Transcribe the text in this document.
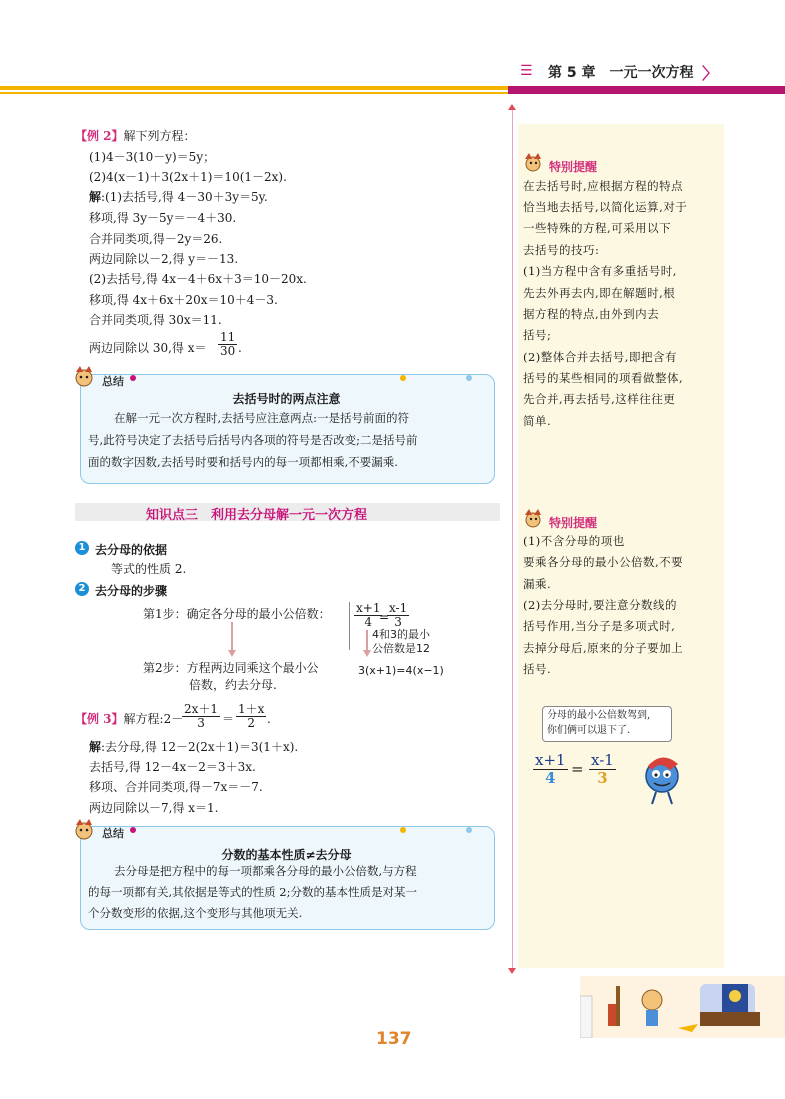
☰ 第 5 章　 一元一次方程 〉
【例 2】解下列方程：
(1)4－3(10－y)＝5y；
(2)4(x－1)＋3(2x＋1)＝10(1－2x).
解:(1)去括号,得 4－30＋3y＝5y.
移项,得 3y－5y＝－4＋30.
合并同类项,得－2y＝26.
两边同除以－2,得 y＝－13.
(2)去括号,得 4x－4＋6x＋3＝10－20x.
移项,得 4x＋6x＋20x＝10＋4－3.
合并同类项,得 30x＝11.
两边同除以 30,得 $x= \frac{11}{30}$ .
总结
去括号时的两点注意
在解一元一次方程时,去括号应注意两点:一是括号前面的符
号,此符号决定了去括号后括号内各项的符号是否改变;二是括号前
面的数字因数,去括号时要和括号内的每一项都相乘,不要漏乘.
知识点三　利用去分母解一元一次方程
1 去分母的依据
等式的性质 2.
2 去分母的步骤
第1步：确定各分母的最小公倍数：
第2步：方程两边同乘这个最小公
倍数，约去分母.
$\frac{x+1}{4}$
=
$\frac{x-1}{3}$
4和3的最小
公倍数是12
3(x+1)=4(x−1)
【例 3】解方程:2－
$\frac{2x+1}{3} = \frac{1+x}{2}$ .
解:去分母,得 12－2(2x＋1)＝3(1＋x).
去括号,得 12－4x－2＝3＋3x.
移项、合并同类项,得－7x＝－7.
两边同除以－7,得 x＝1.
总结
分数的基本性质≠去分母
去分母是把方程中的每一项都乘各分母的最小公倍数,与方程
的每一项都有关,其依据是等式的性质 2;分数的基本性质是对某一
个分数变形的依据,这个变形与其他项无关.
特别提醒
在去括号时,应根据方程的特点
恰当地去括号,以简化运算,对于
一些特殊的方程,可采用以下
去括号的技巧:
(1)当方程中含有多重括号时,
先去外再去内,即在解题时,根
据方程的特点,由外到内去
括号;
(2)整体合并去括号,即把含有
括号的某些相同的项看做整体,
先合并,再去括号,这样往往更
简单.
特别提醒
(1)不含分母的项也
要乘各分母的最小公倍数,不要
漏乘.
(2)去分母时,要注意分数线的
括号作用,当分子是多项式时,
去掉分母后,原来的分子要加上
括号.
分母的最小公倍数驾到,
你们俩可以退下了.
$\frac{x+1}{4} = \frac{x-1}{3}$
137
